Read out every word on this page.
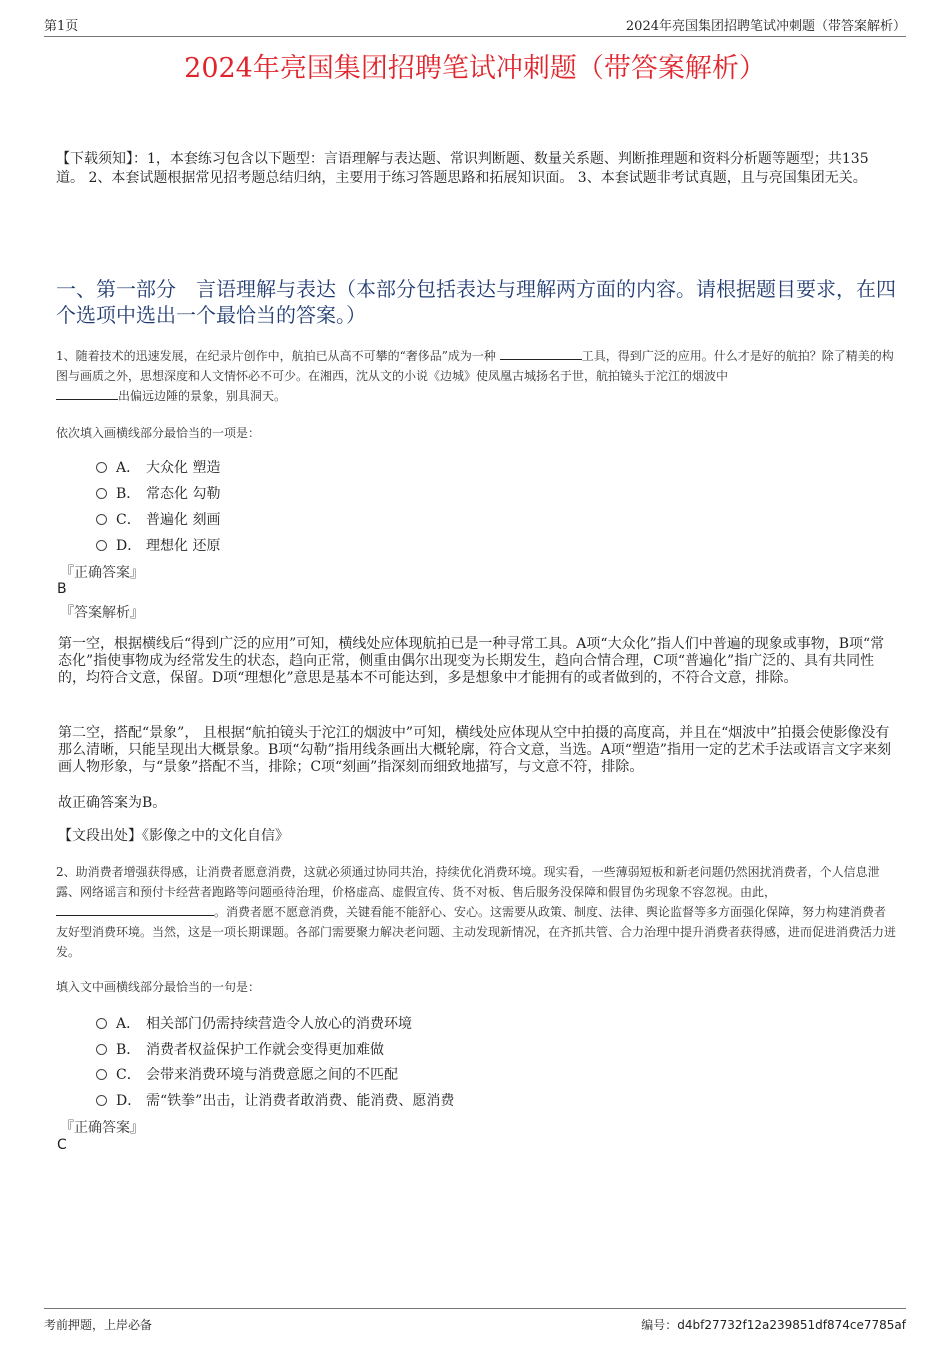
第1页	2024年亮国集团招聘笔试冲刺题（带答案解析）
2024年亮国集团招聘笔试冲刺题（带答案解析）
【下载须知】：1，本套练习包含以下题型：言语理解与表达题、常识判断题、数量关系题、判断推理题和资料分析题等题型；共135道。 2、本套试题根据常见招考题总结归纳，主要用于练习答题思路和拓展知识面。 3、本套试题非考试真题，且与亮国集团无关。
一、第一部分　言语理解与表达（本部分包括表达与理解两方面的内容。请根据题目要求，在四个选项中选出一个最恰当的答案。）
1、随着技术的迅速发展，在纪录片创作中，航拍已从高不可攀的“奢侈品”成为一种	工具，得到广泛的应用。什么才是好的航拍？除了精美的构图与画质之外，思想深度和人文情怀必不可少。在湘西，沈从文的小说《边城》使凤凰古城扬名于世，航拍镜头于沱江的烟波中
出偏远边陲的景象，别具洞天。
依次填入画横线部分最恰当的一项是：
A． 大众化 塑造
B． 常态化 勾勒
C． 普遍化 刻画
D． 理想化 还原
『正确答案』
B
『答案解析』
第一空，根据横线后“得到广泛的应用”可知，横线处应体现航拍已是一种寻常工具。A项“大众化”指人们中普遍的现象或事物，B项“常态化”指使事物成为经常发生的状态，趋向正常，侧重由偶尔出现变为长期发生，趋向合情合理，C项“普遍化”指广泛的、具有共同性的，均符合文意，保留。D项“理想化”意思是基本不可能达到，多是想象中才能拥有的或者做到的，不符合文意，排除。
第二空，搭配“景象”， 且根据“航拍镜头于沱江的烟波中”可知，横线处应体现从空中拍摄的高度高，并且在“烟波中”拍摄会使影像没有那么清晰，只能呈现出大概景象。B项“勾勒”指用线条画出大概轮廓，符合文意，当选。A项“塑造”指用一定的艺术手法或语言文字来刻画人物形象，与“景象”搭配不当，排除；C项“刻画”指深刻而细致地描写，与文意不符，排除。
故正确答案为B。
【文段出处】《影像之中的文化自信》
2、助消费者增强获得感，让消费者愿意消费，这就必须通过协同共治，持续优化消费环境。现实看，一些薄弱短板和新老问题仍然困扰消费者，个人信息泄露、网络谣言和预付卡经营者跑路等问题亟待治理，价格虚高、虚假宣传、货不对板、售后服务没保障和假冒伪劣现象不容忽视。由此，  。消费者愿不愿意消费，关键看能不能舒心、安心。这需要从政策、制度、法律、舆论监督等多方面强化保障，努力构建消费者友好型消费环境。当然，这是一项长期课题。各部门需要聚力解决老问题、主动发现新情况，在齐抓共管、合力治理中提升消费者获得感，进而促进消费活力迸发。
填入文中画横线部分最恰当的一句是：
A． 相关部门仍需持续营造令人放心的消费环境
B． 消费者权益保护工作就会变得更加难做
C． 会带来消费环境与消费意愿之间的不匹配
D． 需“铁拳”出击，让消费者敢消费、能消费、愿消费
『正确答案』
C
考前押题，上岸必备	编号：d4bf27732f12a239851df874ce7785af
